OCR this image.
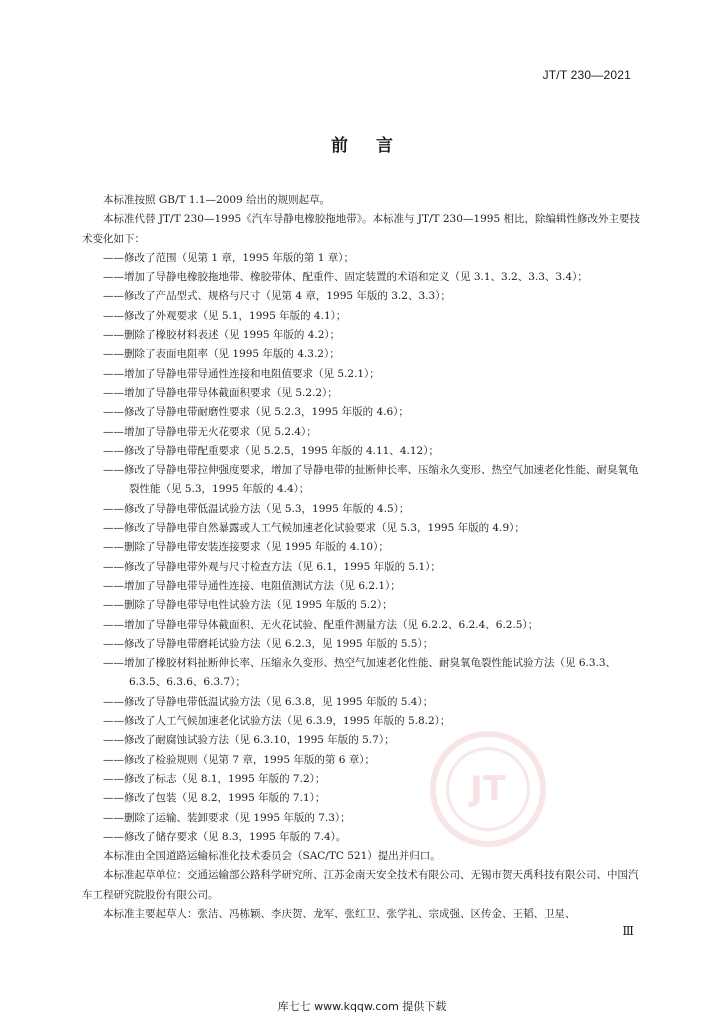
JT/T 230—2021
前言
JT
本标准按照 GB/T 1.1—2009 给出的规则起草。
本标准代替 JT/T 230—1995《汽车导静电橡胶拖地带》。本标准与 JT/T 230—1995 相比，除编辑性修改外主要技术变化如下：
——修改了范围（见第 1 章，1995 年版的第 1 章）；
——增加了导静电橡胶拖地带、橡胶带体、配重件、固定装置的术语和定义（见 3.1、3.2、3.3、3.4）；
——修改了产品型式、规格与尺寸（见第 4 章，1995 年版的 3.2、3.3）；
——修改了外观要求（见 5.1，1995 年版的 4.1）；
——删除了橡胶材料表述（见 1995 年版的 4.2）；
——删除了表面电阻率（见 1995 年版的 4.3.2）；
——增加了导静电带导通性连接和电阻值要求（见 5.2.1）；
——增加了导静电带导体截面积要求（见 5.2.2）；
——修改了导静电带耐磨性要求（见 5.2.3，1995 年版的 4.6）；
——增加了导静电带无火花要求（见 5.2.4）；
——修改了导静电带配重要求（见 5.2.5，1995 年版的 4.11、4.12）；
——修改了导静电带拉伸强度要求，增加了导静电带的扯断伸长率、压缩永久变形、热空气加速老化性能、耐臭氧龟裂性能（见 5.3，1995 年版的 4.4）；
——修改了导静电带低温试验方法（见 5.3，1995 年版的 4.5）；
——修改了导静电带自然暴露或人工气候加速老化试验要求（见 5.3，1995 年版的 4.9）；
——删除了导静电带安装连接要求（见 1995 年版的 4.10）；
——修改了导静电带外观与尺寸检查方法（见 6.1，1995 年版的 5.1）；
——增加了导静电带导通性连接、电阻值测试方法（见 6.2.1）；
——删除了导静电带导电性试验方法（见 1995 年版的 5.2）；
——增加了导静电带导体截面积、无火花试验、配重件测量方法（见 6.2.2、6.2.4、6.2.5）；
——修改了导静电带磨耗试验方法（见 6.2.3，见 1995 年版的 5.5）；
——增加了橡胶材料扯断伸长率、压缩永久变形、热空气加速老化性能、耐臭氧龟裂性能试验方法（见 6.3.3、6.3.5、6.3.6、6.3.7）；
——修改了导静电带低温试验方法（见 6.3.8，见 1995 年版的 5.4）；
——修改了人工气候加速老化试验方法（见 6.3.9，1995 年版的 5.8.2）；
——修改了耐腐蚀试验方法（见 6.3.10，1995 年版的 5.7）；
——修改了检验规则（见第 7 章，1995 年版的第 6 章）；
——修改了标志（见 8.1，1995 年版的 7.2）；
——修改了包装（见 8.2，1995 年版的 7.1）；
——删除了运输、装卸要求（见 1995 年版的 7.3）；
——修改了储存要求（见 8.3，1995 年版的 7.4）。
本标准由全国道路运输标准化技术委员会（SAC/TC 521）提出并归口。
本标准起草单位：交通运输部公路科学研究所、江苏金南天安全技术有限公司、无锡市贺天禹科技有限公司、中国汽车工程研究院股份有限公司。
本标准主要起草人：张洁、冯栋颖、李庆贺、龙军、张红卫、张学礼、宗成强、区传金、王韬、卫星、
Ⅲ
库七七 www.kqqw.com 提供下载
